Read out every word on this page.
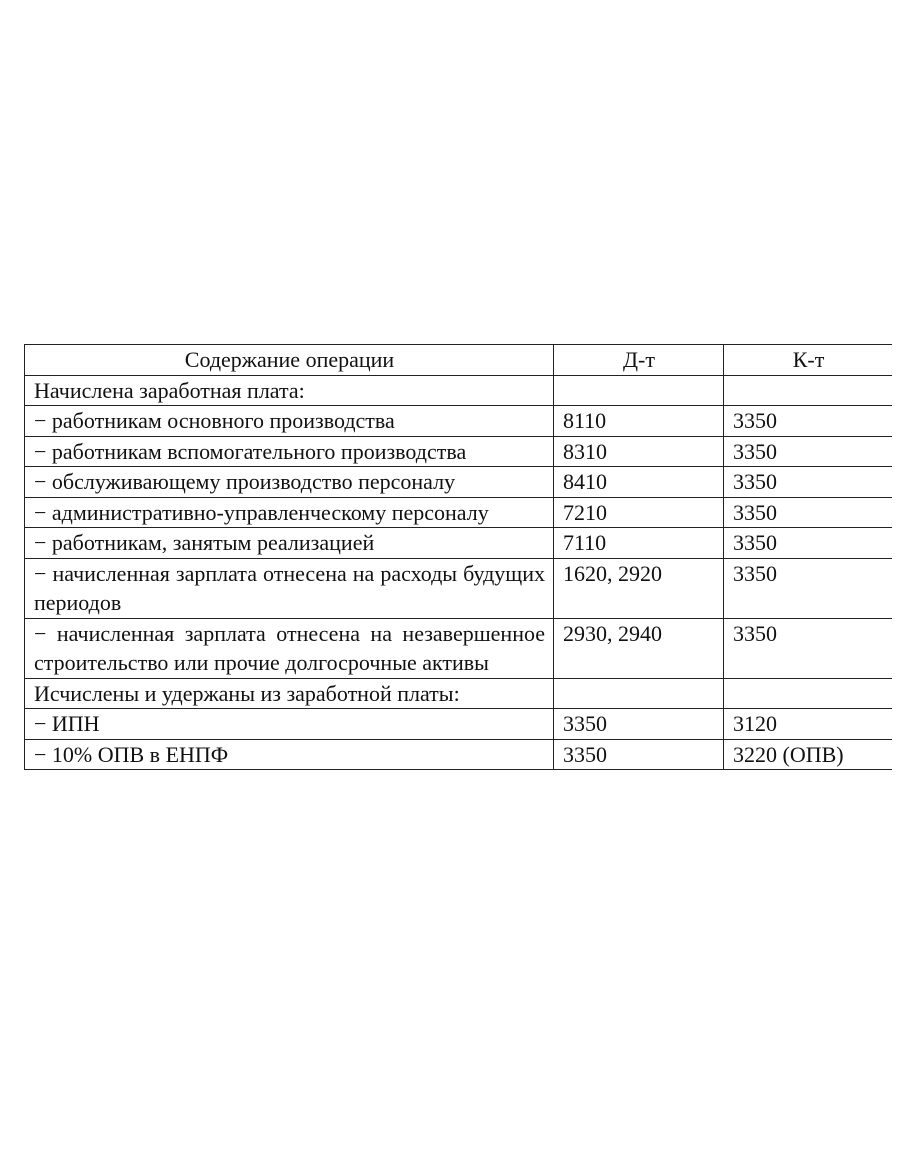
Содержание операции	Д-т	К-т
Начислена заработная плата:		
− работникам основного производства	8110	3350
− работникам вспомогательного производства	8310	3350
− обслуживающему производство персоналу	8410	3350
− административно-управленческому персоналу	7210	3350
− работникам, занятым реализацией	7110	3350
− начисленная зарплата отнесена на расходы будущих периодов	1620, 2920	3350
− начисленная зарплата отнесена на незавершенное строительство или прочие долгосрочные активы	2930, 2940	3350
Исчислены и удержаны из заработной платы:		
− ИПН	3350	3120
− 10% ОПВ в ЕНПФ	3350	3220 (ОПВ)
